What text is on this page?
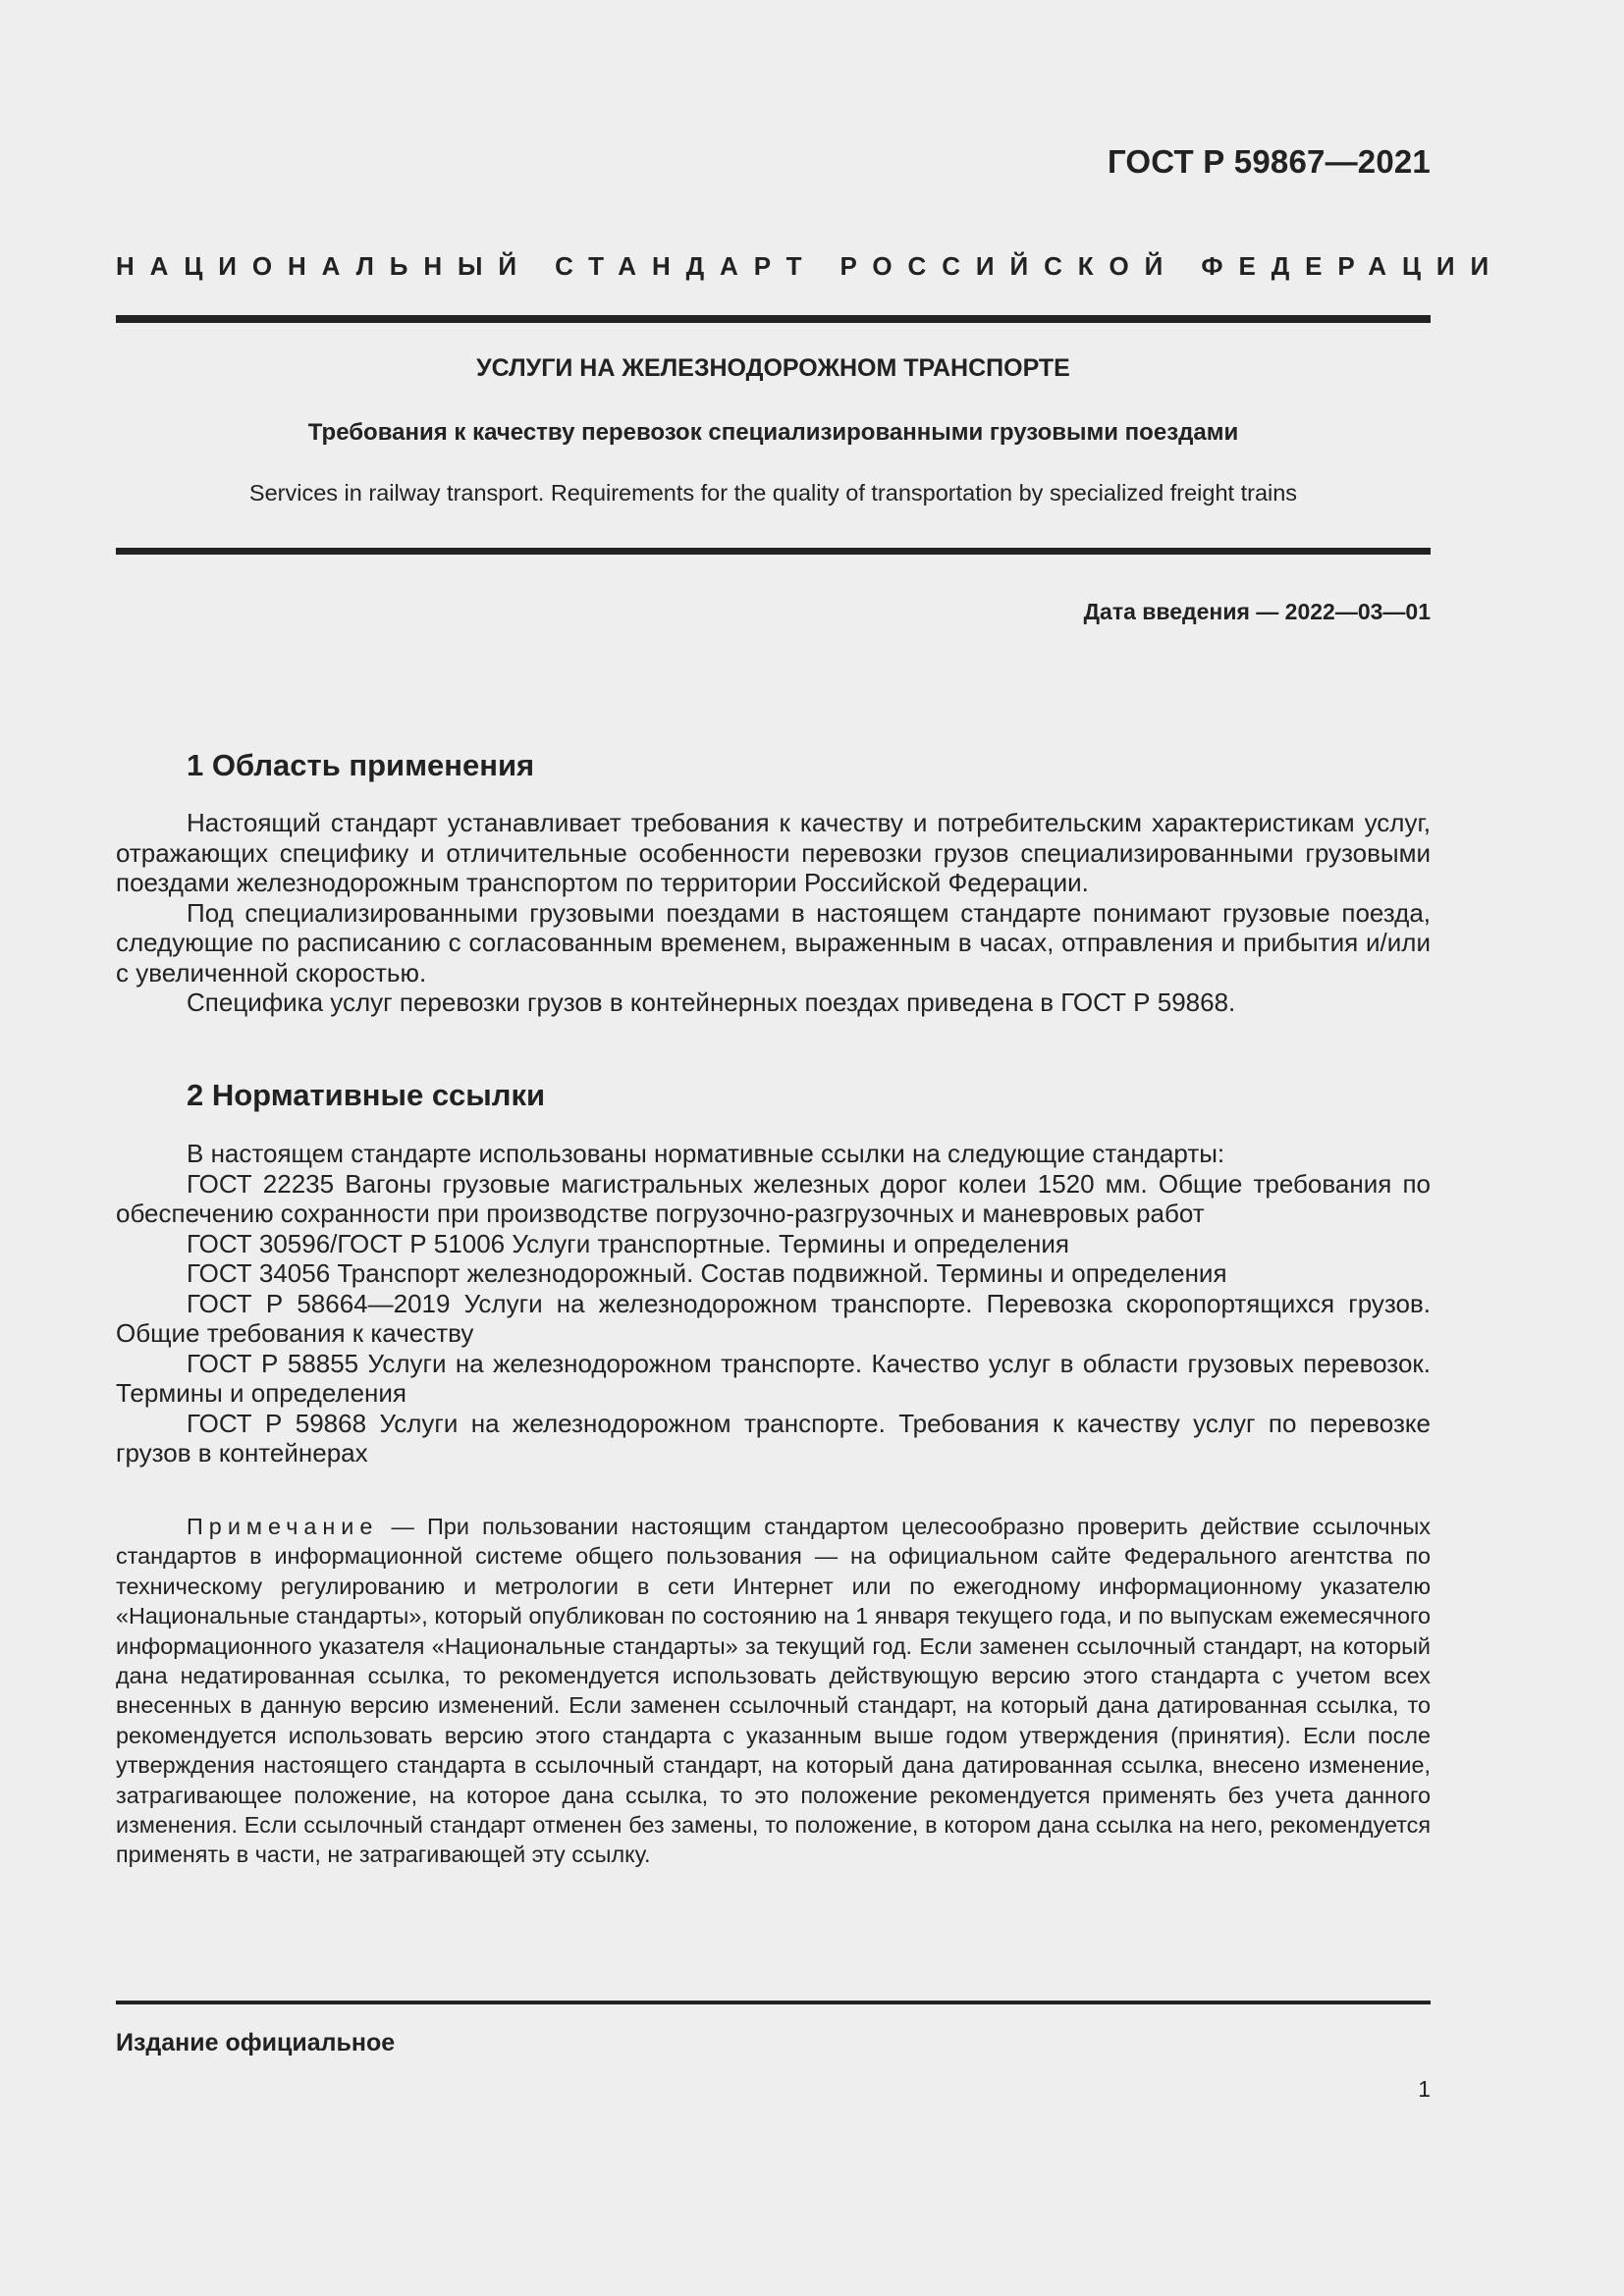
ГОСТ Р 59867—2021
НАЦИОНАЛЬНЫЙ СТАНДАРТ РОССИЙСКОЙ ФЕДЕРАЦИИ
УСЛУГИ НА ЖЕЛЕЗНОДОРОЖНОМ ТРАНСПОРТЕ
Требования к качеству перевозок специализированными грузовыми поездами
Services in railway transport. Requirements for the quality of transportation by specialized freight trains
Дата введения — 2022—03—01
1 Область применения

Настоящий стандарт устанавливает требования к качеству и потребительским характеристикам услуг, отражающих специфику и отличительные особенности перевозки грузов специализированными грузовыми поездами железнодорожным транспортом по территории Российской Федерации.

Под специализированными грузовыми поездами в настоящем стандарте понимают грузовые поезда, следующие по расписанию с согласованным временем, выраженным в часах, отправления и прибытия и/или с увеличенной скоростью.

Специфика услуг перевозки грузов в контейнерных поездах приведена в ГОСТ Р 59868.

2 Нормативные ссылки

В настоящем стандарте использованы нормативные ссылки на следующие стандарты:

ГОСТ 22235 Вагоны грузовые магистральных железных дорог колеи 1520 мм. Общие требования по обеспечению сохранности при производстве погрузочно-разгрузочных и маневровых работ

ГОСТ 30596/ГОСТ Р 51006 Услуги транспортные. Термины и определения

ГОСТ 34056 Транспорт железнодорожный. Состав подвижной. Термины и определения

ГОСТ Р 58664—2019 Услуги на железнодорожном транспорте. Перевозка скоропортящихся грузов. Общие требования к качеству

ГОСТ Р 58855 Услуги на железнодорожном транспорте. Качество услуг в области грузовых перевозок. Термины и определения

ГОСТ Р 59868 Услуги на железнодорожном транспорте. Требования к качеству услуг по перевозке грузов в контейнерах

Примечание — При пользовании настоящим стандартом целесообразно проверить действие ссылочных стандартов в информационной системе общего пользования — на официальном сайте Федерального агентства по техническому регулированию и метрологии в сети Интернет или по ежегодному информационному указателю «Национальные стандарты», который опубликован по состоянию на 1 января текущего года, и по выпускам ежемесячного информационного указателя «Национальные стандарты» за текущий год. Если заменен ссылочный стандарт, на который дана недатированная ссылка, то рекомендуется использовать действующую версию этого стандарта с учетом всех внесенных в данную версию изменений. Если заменен ссылочный стандарт, на который дана датированная ссылка, то рекомендуется использовать версию этого стандарта с указанным выше годом утверждения (принятия). Если после утверждения настоящего стандарта в ссылочный стандарт, на который дана датированная ссылка, внесено изменение, затрагивающее положение, на которое дана ссылка, то это положение рекомендуется применять без учета данного изменения. Если ссылочный стандарт отменен без замены, то положение, в котором дана ссылка на него, рекомендуется применять в части, не затрагивающей эту ссылку.
Издание официальное
1
